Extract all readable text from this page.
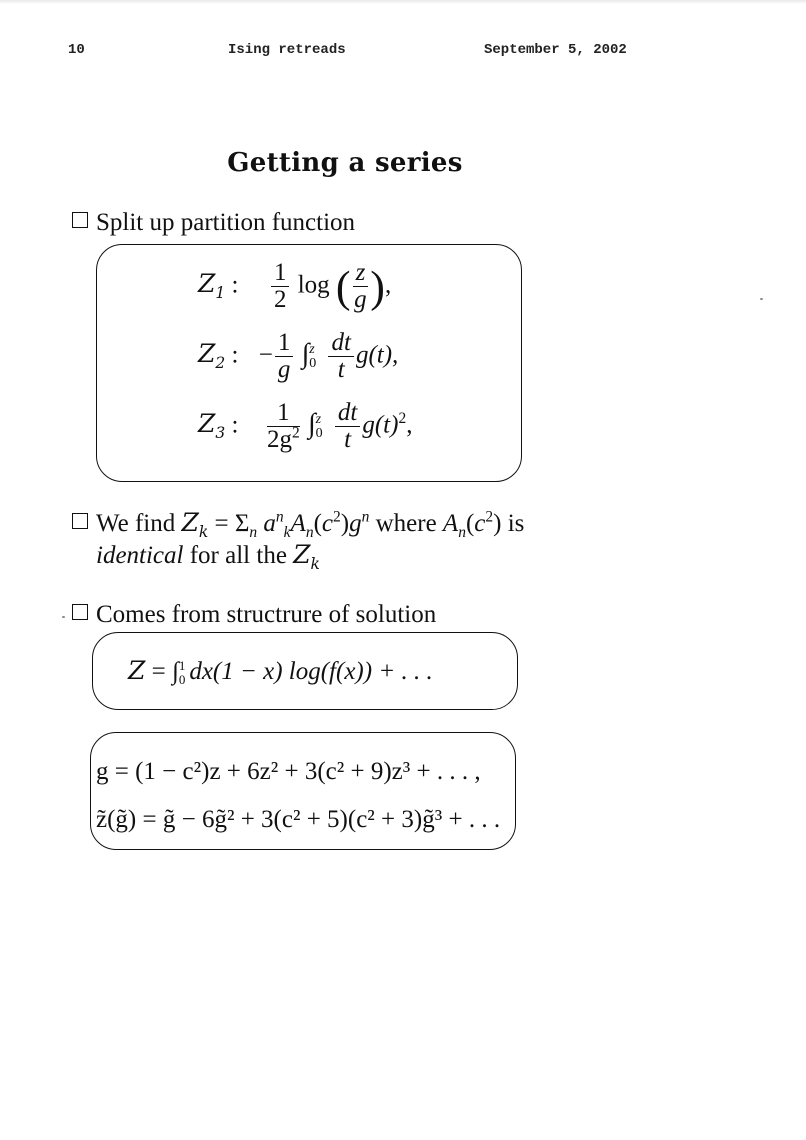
10	Ising retreads	September 5, 2002
Getting a series
Split up partition function
$Z_1$ : $\frac{1}{2}$ log ( $\frac{z}{g}$ ),
$Z_2$ : − $\frac{1}{g} \int z$
$0 \frac{dt}{t} g(t)$,
$Z_3$ : $\frac{1}{2g^2} \int z$
$0 \frac{dt}{t} g(t)^2$,
We find $Z_k = \Sigma_n$ $a^n_kA_n(c^2)g^n$ where $A_n(c^2)$ is
identical for all the $Z_k$
Comes from structrure of solution
Z = ∫1
0 dx(1 − x) log(f(x)) + . . .
g = (1 − c²)z + 6z² + 3(c² + 9)z³ + . . . ,
z̃(g̃) = g̃ − 6g̃² + 3(c² + 5)(c² + 3)g̃³ + . . .
